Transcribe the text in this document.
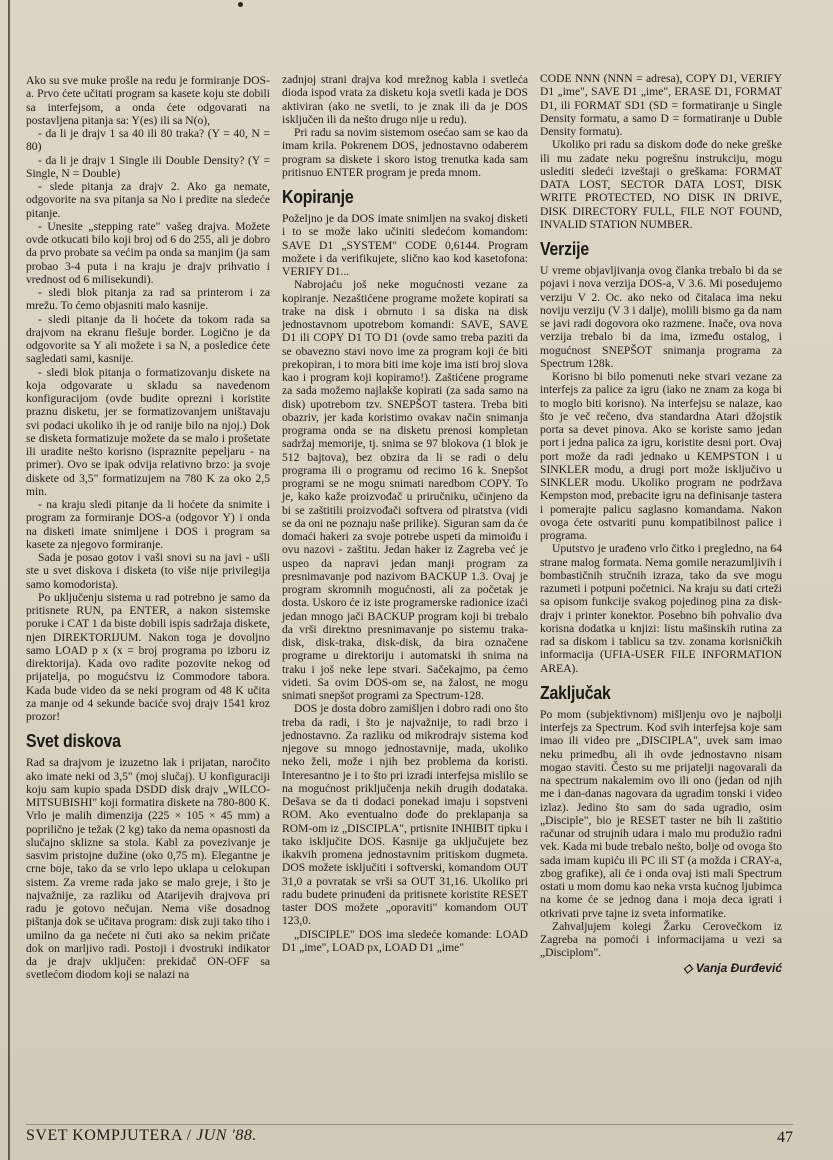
Ako su sve muke prošle na redu je formiranje DOS-a. Prvo ćete učitati program sa kasete koju ste dobili sa interfejsom, a onda ćete odgovarati na postavljena pitanja sa: Y(es) ili sa N(o),

- da li je drajv 1 sa 40 ili 80 traka? (Y = 40, N = 80)

- da li je drajv 1 Single ili Double Density? (Y = Single, N = Double)

- slede pitanja za drajv 2. Ako ga nemate, odgovorite na sva pitanja sa No i predite na sledeće pitanje.

- Unesite „stepping rate" vašeg drajva. Možete ovde otkucati bilo koji broj od 6 do 255, ali je dobro da prvo probate sa većim pa onda sa manjim (ja sam probao 3-4 puta i na kraju je drajv prihvatio i vrednost od 6 milisekundi).

- sledi blok pitanja za rad sa printerom i za mrežu. To ćemo objasniti malo kasnije.

- sledi pitanje da li hoćete da tokom rada sa drajvom na ekranu flešuje border. Logično je da odgovorite sa Y ali možete i sa N, a posledice ćete sagledati sami, kasnije.

- sledi blok pitanja o formatizovanju diskete na koja odgovarate u skladu sa navedenom konfiguracijom (ovde budite oprezni i koristite praznu disketu, jer se formatizovanjem uništavaju svi podaci ukoliko ih je od ranije bilo na njoj.) Dok se disketa formatizuje možete da se malo i prošetate ili uradite nešto korisno (ispraznite pepeljaru - na primer). Ovo se ipak odvija relativno brzo: ja svoje diskete od 3,5" formatizujem na 780 K za oko 2,5 min.

- na kraju sledi pitanje da li hoćete da snimite i program za formiranje DOS-a (odgovor Y) i onda na disketi imate snimljene i DOS i program sa kasete za njegovo formiranje.

Sada je posao gotov i vaši snovi su na javi - ušli ste u svet diskova i disketa (to više nije privilegija samo komodorista).

Po uključenju sistema u rad potrebno je samo da pritisnete RUN, pa ENTER, a nakon sistemske poruke i CAT 1 da biste dobili ispis sadržaja diskete, njen DIREKTORIJUM. Nakon toga je dovoljno samo LOAD p x (x = broj programa po izboru iz direktorija). Kada ovo radite pozovite nekog od prijatelja, po mogućstvu iz Commodore tabora. Kada bude video da se neki program od 48 K učita za manje od 4 sekunde baciće svoj drajv 1541 kroz prozor!

Svet diskova

Rad sa drajvom je izuzetno lak i prijatan, naročito ako imate neki od 3,5" (moj slučaj). U konfiguraciji koju sam kupio spada DSDD disk drajv „WILCO-MITSUBISHI" koji formatira diskete na 780-800 K. Vrlo je malih dimenzija (225 × 105 × 45 mm) a popriličnо je težak (2 kg) tako da nema opasnosti da slučajno sklizne sa stola. Kabl za povezivanje je sasvim pristojne dužine (oko 0,75 m). Elegantne je crne boje, tako da se vrlo lepo uklapa u celokupan sistem. Za vreme rada jako se malo greje, i što je najvažnije, za razliku od Atarijevih drajvova pri radu je gotovo nečujan. Nema više dosadnog pištanja dok se učitava program: disk zuji tako tiho i umilno da ga nećete ni čuti ako sa nekim pričate dok on marljivo radi. Postoji i dvostruki indikator da je drajv uključen: prekidač ON-OFF sa svetlećom diodom koji se nalazi na

zadnjoj strani drajva kod mrežnog kabla i svetleća dioda ispod vrata za disketu koja svetli kada je DOS aktiviran (ako ne svetli, to je znak ili da je DOS isključen ili da nešto drugo nije u redu).

Pri radu sa novim sistemom osećao sam se kao da imam krila. Pokrenem DOS, jednostavno odaberem program sa diskete i skoro istog trenutka kada sam pritisnuo ENTER program je preda mnom.

Kopiranje

Poželjno je da DOS imate snimljen na svakoj disketi i to se može lako učiniti sledećom komandom: SAVE D1 „SYSTEM" CODE 0,6144. Program možete i da verifikujete, slično kao kod kasetofona: VERIFY D1...

Nabrojaću još neke mogućnosti vezane za kopiranje. Nezaštićene programe možete kopirati sa trake na disk i obrnuto i sa diska na disk jednostavnom upotrebom komandi: SAVE, SAVE D1 ili COPY D1 TO D1 (ovde samo treba paziti da se obavezno stavi novo ime za program koji će biti prekopiran, i to mora biti ime koje ima isti broj slova kao i program koji kopiramo!). Zaštićene programe za sada možemo najlakše kopirati (za sada samo na disk) upotrebom tzv. SNEPŠOT tastera. Treba biti obazriv, jer kada koristimo ovakav način snimanja programa onda se na disketu prenosi kompletan sadržaj memorije, tj. snima se 97 blokova (1 blok je 512 bajtova), bez obzira da li se radi o delu programa ili o programu od recimo 16 k. Snepšot programi se ne mogu snimati naredbom COPY. To je, kako kaže proizvođač u priručniku, učinjeno da bi se zaštitili proizvođači softvera od piratstva (vidi se da oni ne poznaju naše prilike). Siguran sam da će domaći hakeri za svoje potrebe uspeti da mimoiđu i ovu nazovi - zaštitu. Jedan haker iz Zagreba već je uspeo da napravi jedan manji program za presnimavanje pod nazivom BACKUP 1.3. Ovaj je program skromnih mogućnosti, ali za početak je dosta. Uskoro će iz iste programerske radionice izaći jedan mnogo jači BACKUP program koji bi trebalo da vrši direktno presnimavanje po sistemu traka-disk, disk-traka, disk-disk, da bira označene programe u direktoriju i automatski ih snima na traku i još neke lepe stvari. Sačekajmo, pa ćemo videti. Sa ovim DOS-om se, na žalost, ne mogu snimati snepšot programi za Spectrum-128.

DOS je dosta dobro zamišljen i dobro radi ono što treba da radi, i što je najvažnije, to radi brzo i jednostavno. Za razliku od mikrodrajv sistema kod njegove su mnogo jednostavnije, mada, ukoliko neko želi, može i njih bez problema da koristi. Interesantno je i to što pri izradi interfejsa mislilo se na mogućnost priključenja nekih drugih dodataka. Dešava se da ti dodaci ponekad imaju i sopstveni ROM. Ako eventualno dođe do preklapanja sa ROM-om iz „DISCIPLA", prtisnite INHIBIT tipku i tako isključite DOS. Kasnije ga uključujete bez ikakvih promena jednostavnim pritiskom dugmeta. DOS možete isključiti i softverski, komandom OUT 31,0 a povratak se vrši sa OUT 31,16. Ukoliko pri radu budete prinuđeni da pritisnete koristite RESET taster DOS možete „oporaviti" komandom OUT 123,0.

„DISCIPLE" DOS ima sledeće komande: LOAD D1 „ime", LOAD px, LOAD D1 „ime"

CODE NNN (NNN = adresa), COPY D1, VERIFY D1 „ime", SAVE D1 „ime", ERASE D1, FORMAT D1, ili FORMAT SD1 (SD = formatiranje u Single Density formatu, a samo D = formatiranje u Duble Density formatu).

Ukoliko pri radu sa diskom dođe do neke greške ili mu zadate neku pogrešnu instrukciju, mogu uslediti sledeći izveštaji o greškama: FORMAT DATA LOST, SECTOR DATA LOST, DISK WRITE PROTECTED, NO DISK IN DRIVE, DISK DIRECTORY FULL, FILE NOT FOUND, INVALID STATION NUMBER.

Verzije

U vreme objavljivanja ovog članka trebalo bi da se pojavi i nova verzija DOS-a, V 3.6. Mi posedujemo verziju V 2. Oc. ako neko od čitalaca ima neku noviju verziju (V 3 i dalje), molili bismo ga da nam se javi radi dogovora oko razmene. Inače, ova nova verzija trebalo bi da ima, između ostalog, i mogućnost SNEPŠOT snimanja programa za Spectrum 128k.

Korisno bi bilo pomenuti neke stvari vezane za interfejs za palice za igru (iako ne znam za koga bi to moglo biti korisno). Na interfejsu se nalaze, kao što je več rečeno, dva standardna Atari džojstik porta sa devet pinova. Ako se koriste samo jedan port i jedna palica za igru, koristite desni port. Ovaj port može da radi jednako u KEMPSTON i u SINKLER modu, a drugi port može isključivo u SINKLER modu. Ukoliko program ne podržava Kempston mod, prebacite igru na definisanje tastera i pomerajte palicu saglasno komandama. Nakon ovoga ćete ostvariti punu kompatibilnost palice i programa.

Uputstvo je urađeno vrlo čitko i pregledno, na 64 strane malog formata. Nema gomile nerazumljivih i bombastičnih stručnih izraza, tako da sve mogu razumeti i potpuni početnici. Na kraju su dati crteži sa opisom funkcije svakog pojedinog pina za disk-drajv i printer konektor. Posebno bih pohvalio dva korisna dodatka u knjizi: listu mašinskih rutina za rad sa diskom i tablicu sa tzv. zonama korisničkih informacija (UFIA-USER FILE INFORMATION AREA).

Zaključak

Po mom (subjektivnom) mišljenju ovo je najbolji interfejs za Spectrum. Kod svih interfejsa koje sam imao ili video pre „DISCIPLA", uvek sam imao neku primedbu, ali ih ovde jednostavno nisam mogao staviti. Često su me prijatelji nagovarali da na spectrum nakalemim ovo ili ono (jedan od njih me i dan-danas nagovara da ugradim tonski i video izlaz). Jedino što sam do sada ugradio, osim „Disciple", bio je RESET taster ne bih li zaštitio računar od strujnih udara i malo mu produžio radni vek. Kada mi bude trebalo nešto, bolje od ovoga što sada imam kupiću ili PC ili ST (a možda i CRAY-a, zbog grafike), ali će i onda ovaj isti mali Spectrum ostati u mom domu kao neka vrsta kućnog ljubimca na kome će se jednog dana i moja deca igrati i otkrivati prve tajne iz sveta informatike.

Zahvaljujem kolegi Žarku Cerovečkom iz Zagreba na pomoći i informacijama u vezi sa „Disciplom".

◇ Vanja Đurđević
SVET KOMPJUTERA / JUN '88.	47
